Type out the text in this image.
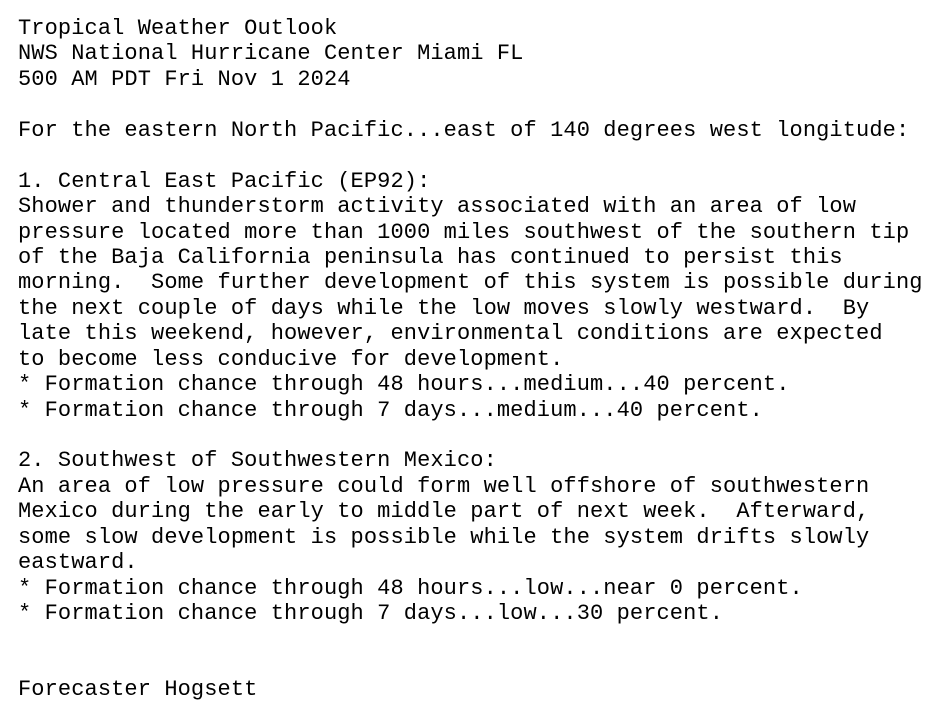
Tropical Weather Outlook
NWS National Hurricane Center Miami FL
500 AM PDT Fri Nov 1 2024
For the eastern North Pacific...east of 140 degrees west longitude:
1. Central East Pacific (EP92):
Shower and thunderstorm activity associated with an area of low
pressure located more than 1000 miles southwest of the southern tip
of the Baja California peninsula has continued to persist this
morning.  Some further development of this system is possible during
the next couple of days while the low moves slowly westward.  By
late this weekend, however, environmental conditions are expected
to become less conducive for development.
* Formation chance through 48 hours...medium...40 percent.
* Formation chance through 7 days...medium...40 percent.
2. Southwest of Southwestern Mexico:
An area of low pressure could form well offshore of southwestern
Mexico during the early to middle part of next week.  Afterward,
some slow development is possible while the system drifts slowly
eastward.
* Formation chance through 48 hours...low...near 0 percent.
* Formation chance through 7 days...low...30 percent.
Forecaster Hogsett
